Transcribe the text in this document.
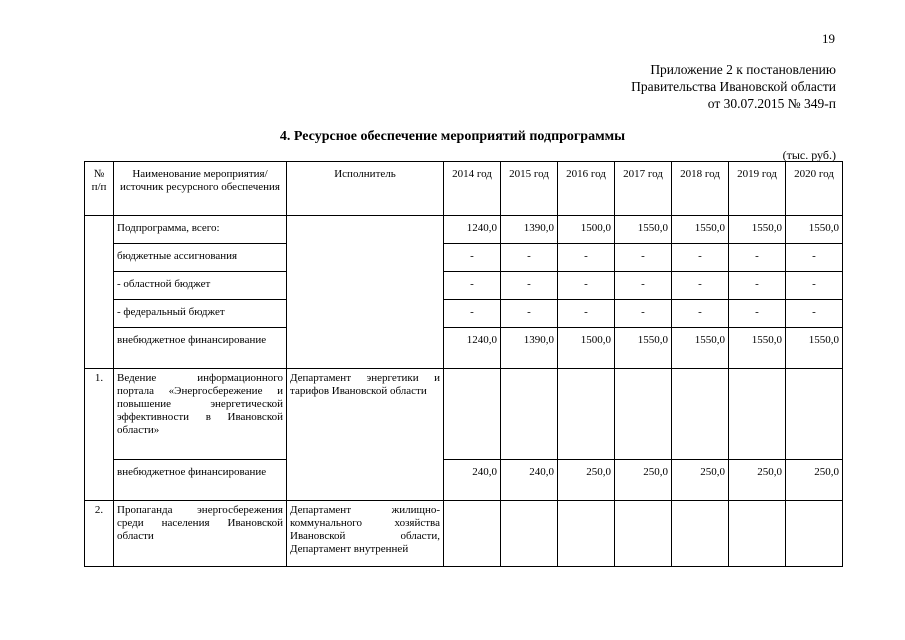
19
Приложение 2 к постановлению
Правительства Ивановской области
от 30.07.2015 № 349-п
4. Ресурсное обеспечение мероприятий подпрограммы
(тыс. руб.)
№ п/п	Наименование мероприятия/источник ресурсного обеспечения	Исполнитель	2014 год	2015 год	2016 год	2017 год	2018 год	2019 год	2020 год
	Подпрограмма, всего:		1240,0	1390,0	1500,0	1550,0	1550,0	1550,0	1550,0
	бюджетные ассигнования		-	-	-	-	-	-	-
	- областной бюджет		-	-	-	-	-	-	-
	- федеральный бюджет		-	-	-	-	-	-	-
	внебюджетное финансирование		1240,0	1390,0	1500,0	1550,0	1550,0	1550,0	1550,0
1.	Ведение информационного портала «Энергосбережение и повышение энергетической эффективности в Ивановской области»	Департамент энергетики и тарифов Ивановской области							
	внебюджетное финансирование		240,0	240,0	250,0	250,0	250,0	250,0	250,0
2.	Пропаганда энергосбережения среди населения Ивановской области	Департамент жилищно-коммунального хозяйства Ивановской области, Департамент внутренней							
